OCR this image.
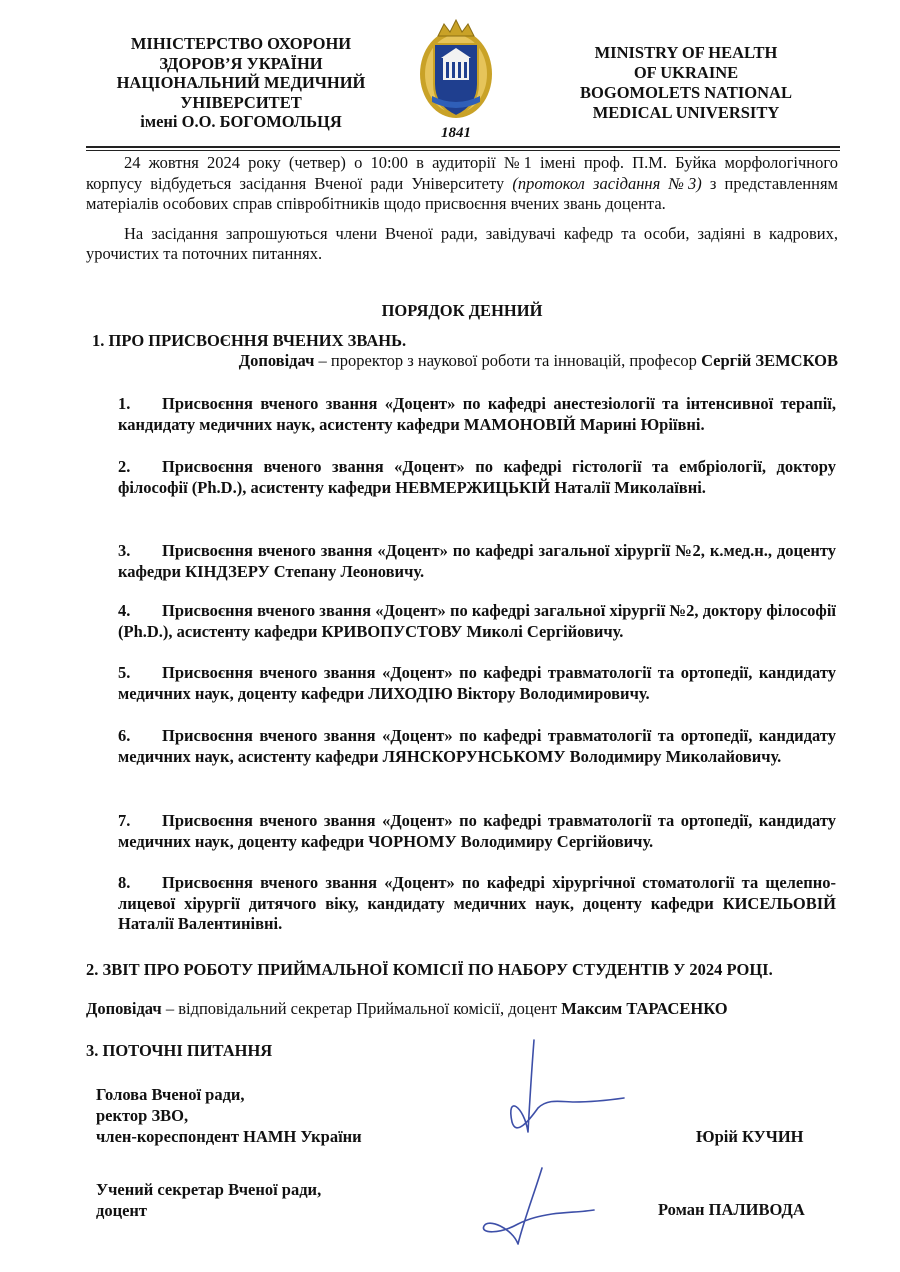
МІНІСТЕРСТВО ОХОРОНИ
ЗДОРОВ’Я УКРАЇНИ
НАЦІОНАЛЬНИЙ МЕДИЧНИЙ
УНІВЕРСИТЕТ
імені О.О. БОГОМОЛЬЦЯ
1841
MINISTRY OF HEALTH
OF UKRAINE
BOGOMOLETS NATIONAL
MEDICAL UNIVERSITY

24 жовтня 2024 року (четвер) о 10:00 в аудиторії №1 імені проф. П.М. Буйка морфологічного корпусу відбудеться засідання Вченої ради Університету (протокол засідання №3) з представленням матеріалів особових справ співробітників щодо присвоєння вчених звань доцента.

На засідання запрошуються члени Вченої ради, завідувачі кафедр та особи, задіяні в кадрових, урочистих та поточних питаннях.

ПОРЯДОК ДЕННИЙ
1. ПРО ПРИСВОЄННЯ ВЧЕНИХ ЗВАНЬ.
Доповідач – проректор з наукової роботи та інновацій, професор Сергій ЗЕМСКОВ
1. Присвоєння вченого звання «Доцент» по кафедрі анестезіології та інтенсивної терапії, кандидату медичних наук, асистенту кафедри МАМОНОВІЙ Марині Юріївні.
2. Присвоєння вченого звання «Доцент» по кафедрі гістології та ембріології, доктору філософії (Ph.D.), асистенту кафедри НЕВМЕРЖИЦЬКІЙ Наталії Миколаївні.
3. Присвоєння вченого звання «Доцент» по кафедрі загальної хірургії №2, к.мед.н., доценту кафедри КІНДЗЕРУ Степану Леоновичу.
4. Присвоєння вченого звання «Доцент» по кафедрі загальної хірургії №2, доктору філософії (Ph.D.), асистенту кафедри КРИВОПУСТОВУ Миколі Сергійовичу.
5. Присвоєння вченого звання «Доцент» по кафедрі травматології та ортопедії, кандидату медичних наук, доценту кафедри ЛИХОДІЮ Віктору Володимировичу.
6. Присвоєння вченого звання «Доцент» по кафедрі травматології та ортопедії, кандидату медичних наук, асистенту кафедри ЛЯНСКОРУНСЬКОМУ Володимиру Миколайовичу.
7. Присвоєння вченого звання «Доцент» по кафедрі травматології та ортопедії, кандидату медичних наук, доценту кафедри ЧОРНОМУ Володимиру Сергійовичу.
8. Присвоєння вченого звання «Доцент» по кафедрі хірургічної стоматології та щелепно-лицевої хірургії дитячого віку, кандидату медичних наук, доценту кафедри КИСЕЛЬОВІЙ Наталії Валентинівні.
2. ЗВІТ ПРО РОБОТУ ПРИЙМАЛЬНОЇ КОМІСІЇ ПО НАБОРУ СТУДЕНТІВ У 2024 РОЦІ.
Доповідач – відповідальний секретар Приймальної комісії, доцент Максим ТАРАСЕНКО
3. ПОТОЧНІ ПИТАННЯ
Голова Вченої ради,
ректор ЗВО,
член-кореспондент НАМН України	Юрій КУЧИН
Учений секретар Вченої ради,
доцент	Роман ПАЛИВОДА
